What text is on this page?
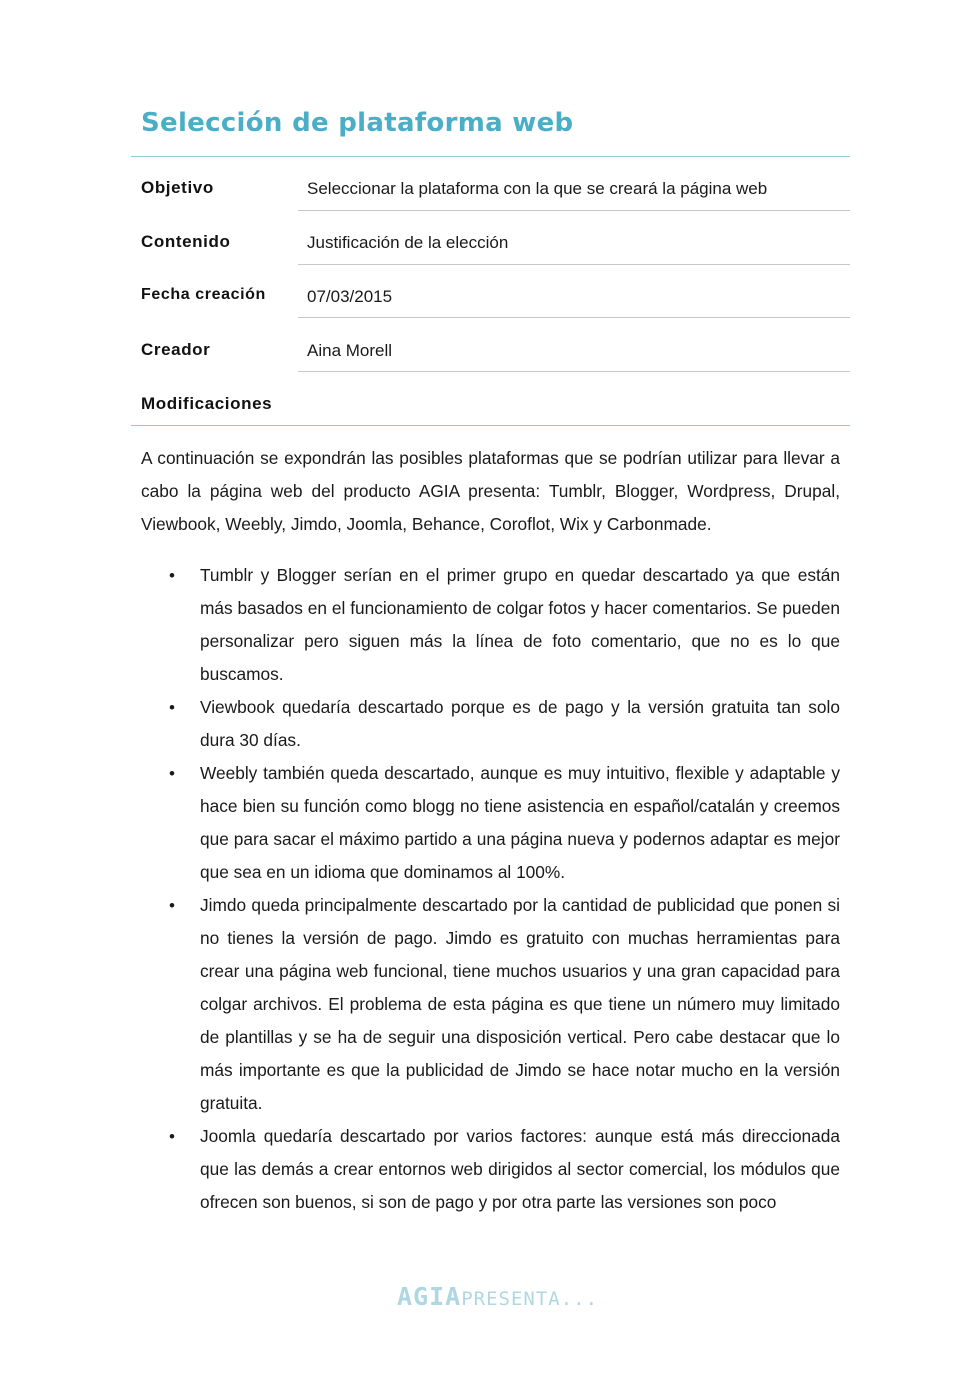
Selección de plataforma web
Objetivo	Seleccionar la plataforma con la que se creará la página web
Contenido	Justificación de la elección
Fecha creación 07/03/2015
Creador	Aina Morell
Modificaciones

A continuación se expondrán las posibles plataformas que se podrían utilizar para llevar a cabo la página web del producto AGIA presenta: Tumblr, Blogger, Wordpress, Drupal, Viewbook, Weebly, Jimdo, Joomla, Behance, Coroflot, Wix y Carbonmade.

• Tumblr y Blogger serían en el primer grupo en quedar descartado ya que están más basados en el funcionamiento de colgar fotos y hacer comentarios. Se pueden personalizar pero siguen más la línea de foto comentario, que no es lo que buscamos.
• Viewbook quedaría descartado porque es de pago y la versión gratuita tan solo dura 30 días.
• Weebly también queda descartado, aunque es muy intuitivo, flexible y adaptable y hace bien su función como blogg no tiene asistencia en español/catalán y creemos que para sacar el máximo partido a una página nueva y podernos adaptar es mejor que sea en un idioma que dominamos al 100%.
• Jimdo queda principalmente descartado por la cantidad de publicidad que ponen si no tienes la versión de pago. Jimdo es gratuito con muchas herramientas para crear una página web funcional, tiene muchos usuarios y una gran capacidad para colgar archivos. El problema de esta página es que tiene un número muy limitado de plantillas y se ha de seguir una disposición vertical. Pero cabe destacar que lo más importante es que la publicidad de Jimdo se hace notar mucho en la versión gratuita.
• Joomla quedaría descartado por varios factores: aunque está más direccionada que las demás a crear entornos web dirigidos al sector comercial, los módulos que ofrecen son buenos, si son de pago y por otra parte las versiones son poco
AGIAPRESENTA...
